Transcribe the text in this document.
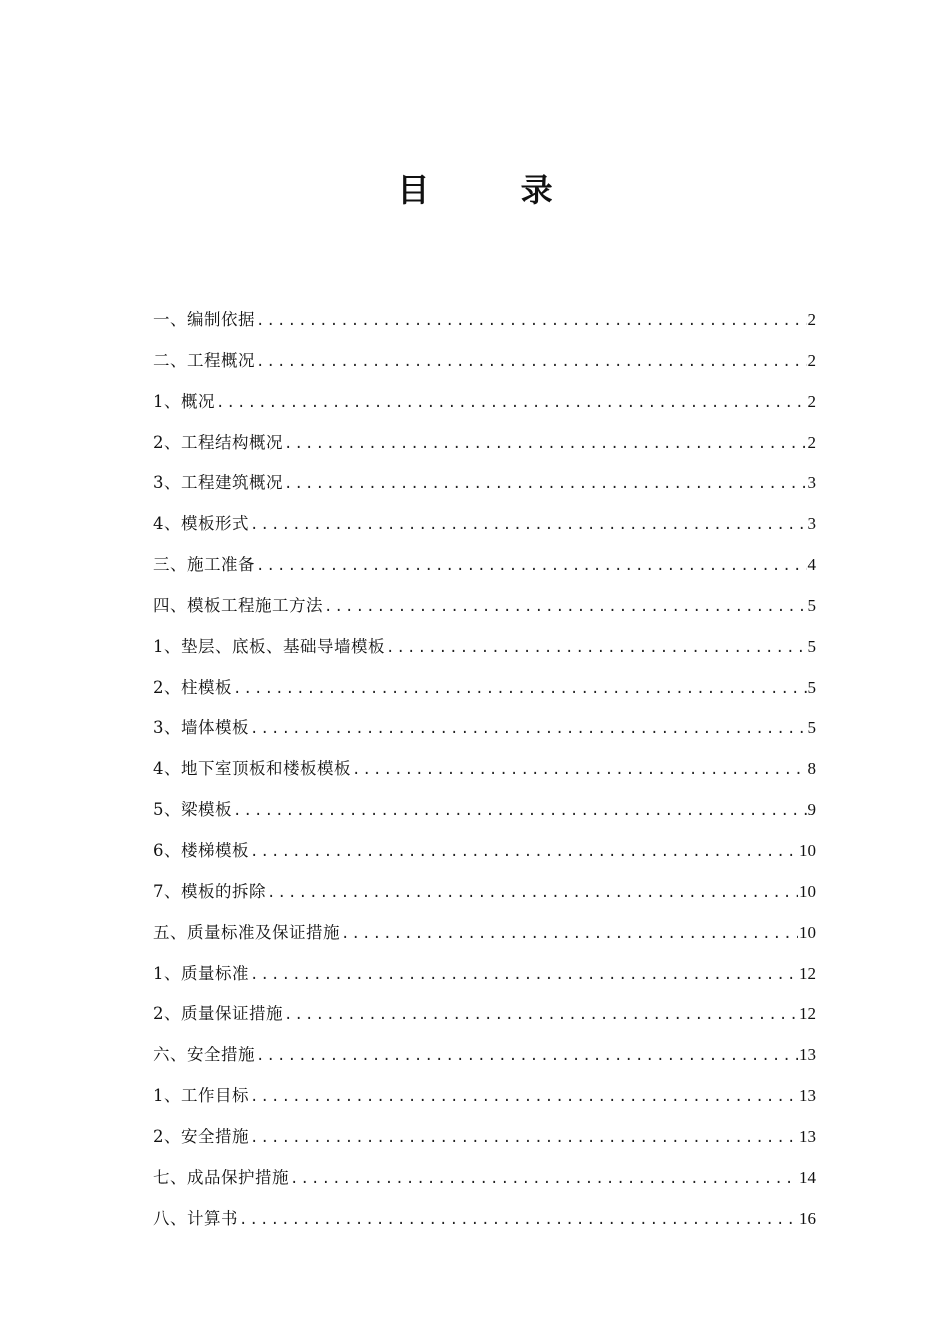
目 录
一、编制依据 .....	2
二、工程概况 .....	2
1、概况 .....	2
2、工程结构概况 .....	2
3、工程建筑概况 .....	3
4、模板形式 .....	3
三、施工准备 .....	4
四、模板工程施工方法 .....	5
1、垫层、底板、基础导墙模板 .....	5
2、柱模板 .....	5
3、墙体模板 .....	5
4、地下室顶板和楼板模板 .....	8
5、梁模板 .....	9
6、楼梯模板 .....	10
7、模板的拆除 .....	10
五、质量标准及保证措施 .....	10
1、质量标准 .....	12
2、质量保证措施 .....	12
六、安全措施 .....	13
1、工作目标 .....	13
2、安全措施 .....	13
七、成品保护措施 .....	14
八、计算书 .....	16
